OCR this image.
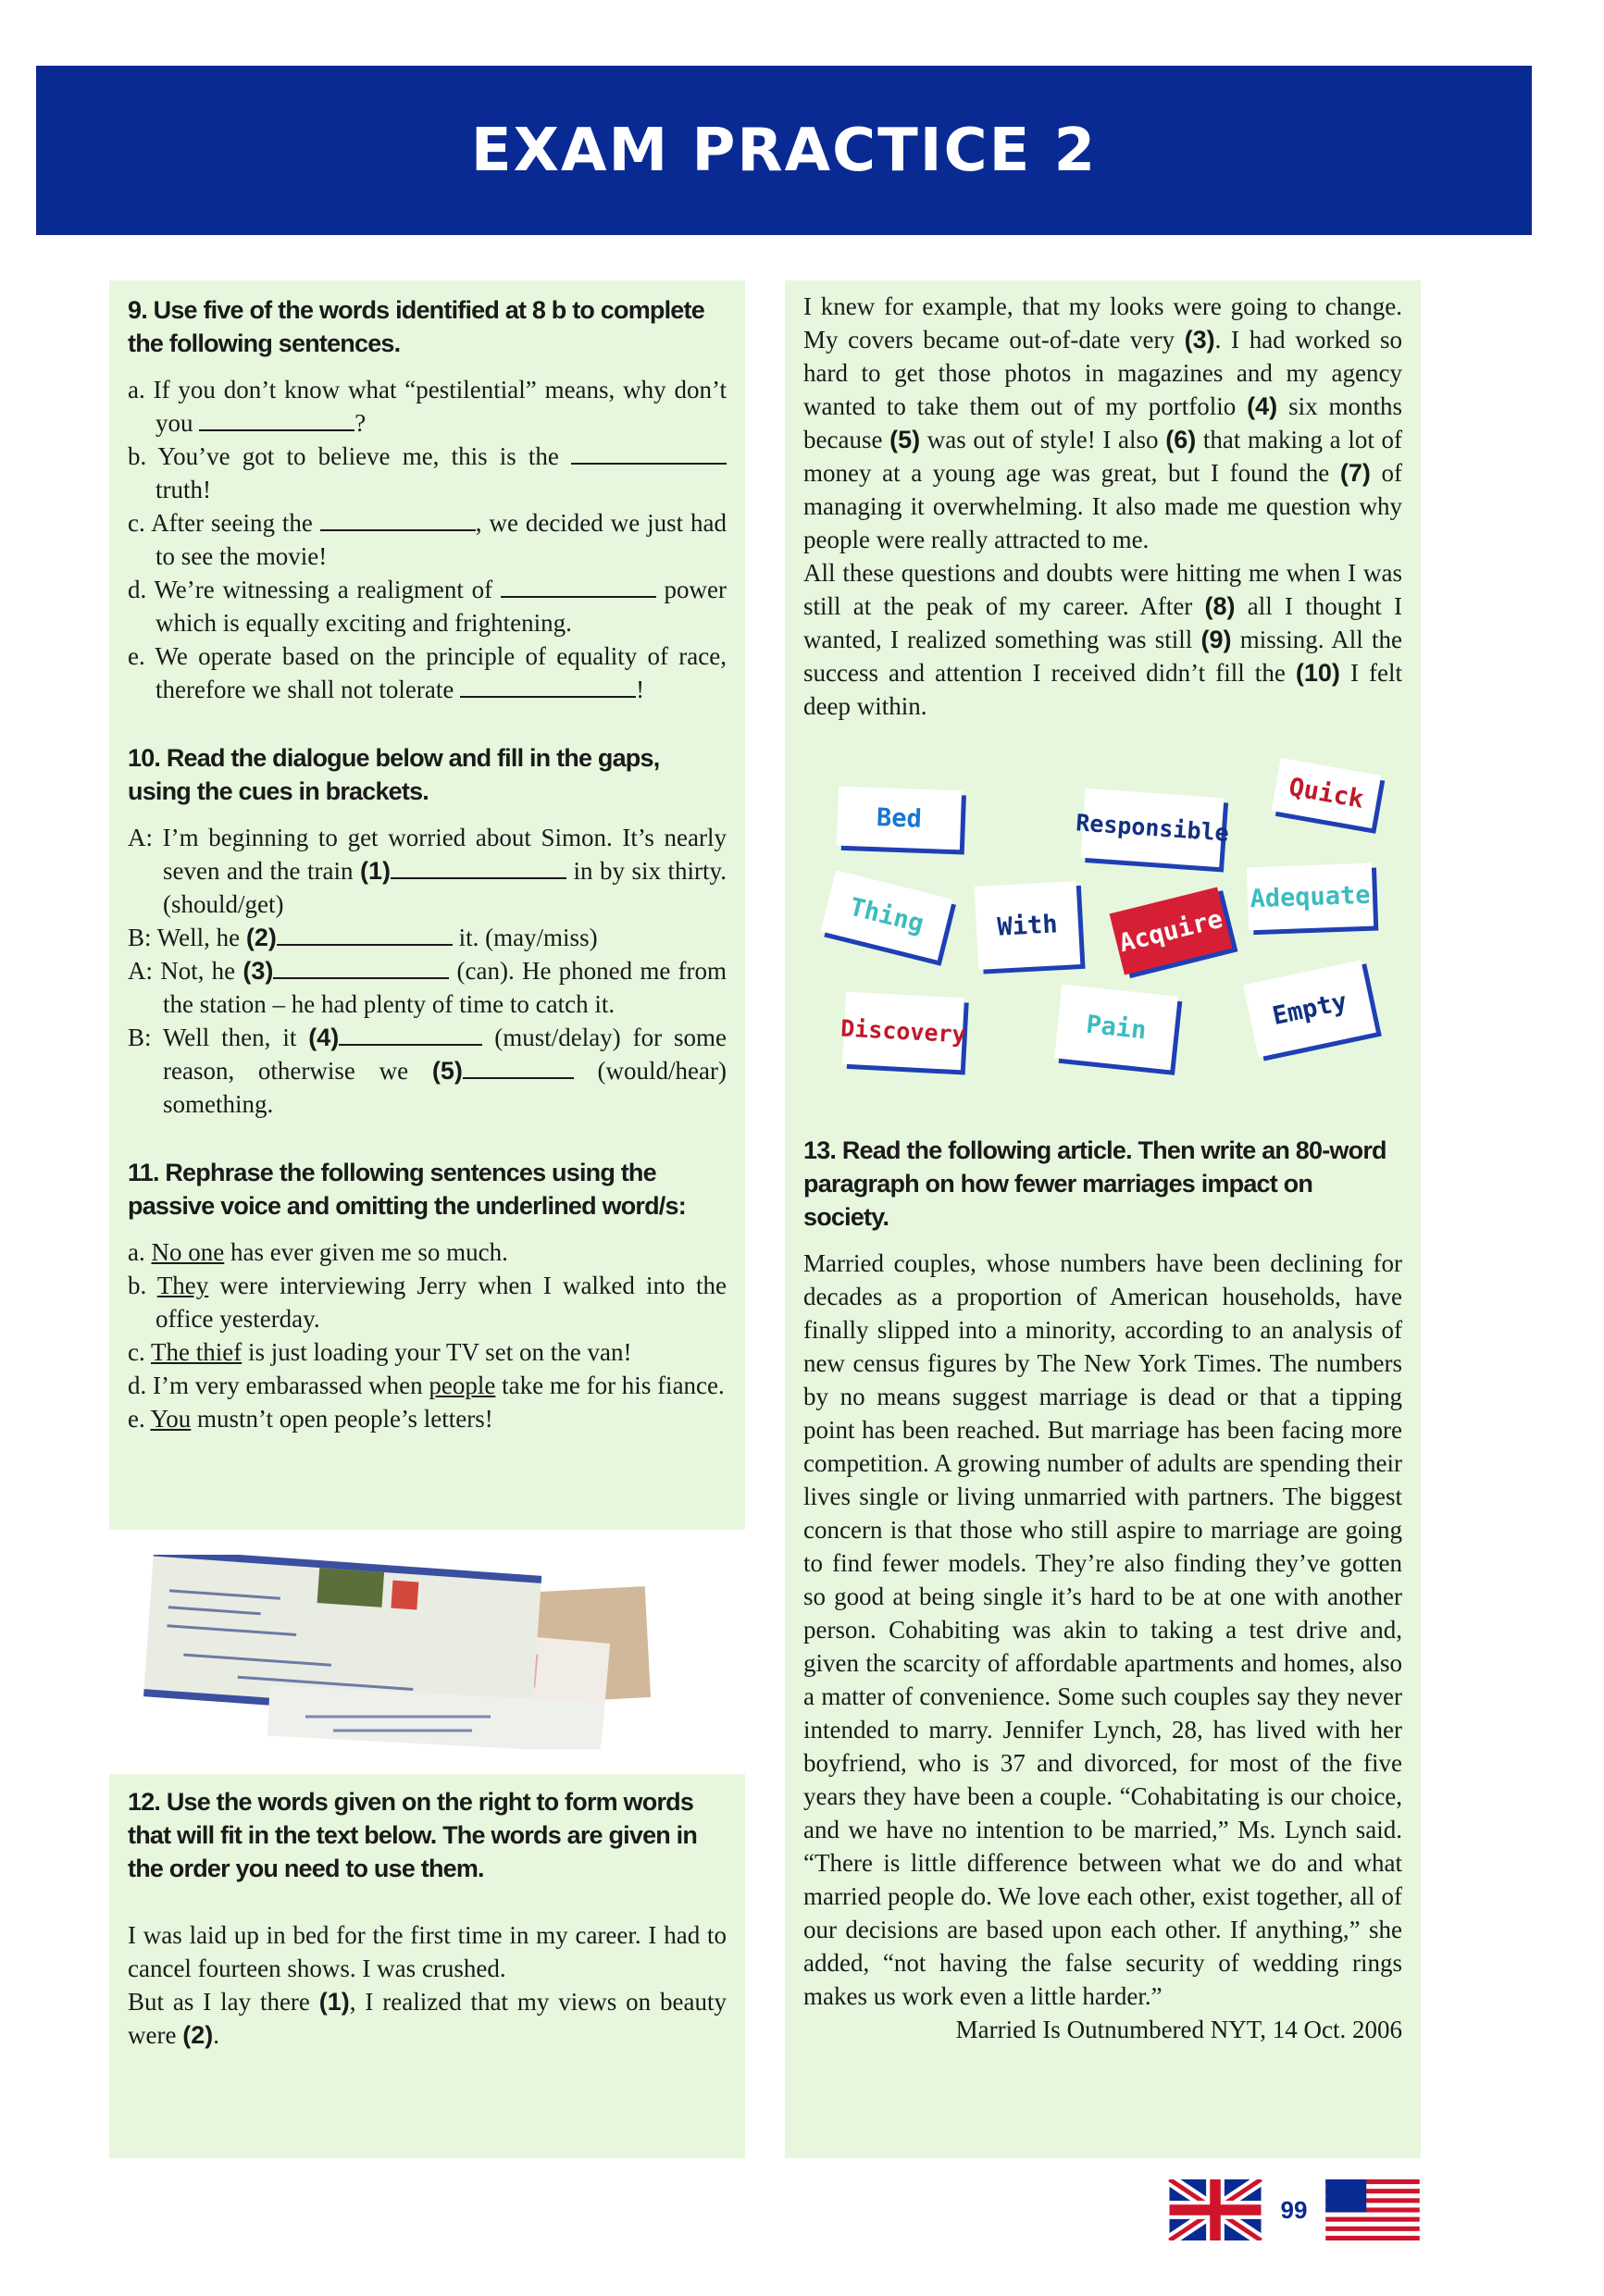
EXAM PRACTICE 2
9. Use five of the words identified at 8 b to complete the following sentences.
a. If you don’t know what “pestilential” means, why don’t you	?
b. You’ve got to believe me, this is the  truth!
c. After seeing the	, we decided we just had to see the movie!
d. We’re witnessing a realigment of	power which is equally exciting and frightening.
e. We operate based on the principle of equality of race, therefore we shall not tolerate	!
10. Read the dialogue below and fill in the gaps, using the cues in brackets.
A: I’m beginning to get worried about Simon. It’s nearly seven and the train (1)	in by six thirty. (should/get)
B: Well, he (2)	it. (may/miss)
A: Not, he (3)	(can). He phoned me from the station – he had plenty of time to catch it.
B: Well then, it (4)	(must/delay) for some reason, otherwise we (5)	(would/hear) something.
11. Rephrase the following sentences using the passive voice and omitting the underlined word/s:
a. No one has ever given me so much.
b. They were interviewing Jerry when I walked into the office yesterday.
c. The thief is just loading your TV set on the van!
d. I’m very embarassed when people take me for his fiance.
e. You mustn’t open people’s letters!
12. Use the words given on the right to form words that will fit in the text below. The words are given in the order you need to use them.
I was laid up in bed for the first time in my career. I had to cancel fourteen shows. I was crushed.
But as I lay there (1), I realized that my views on beauty were (2).
I knew for example, that my looks were going to change. My covers became out-of-date very (3). I had worked so hard to get those photos in magazines and my agency wanted to take them out of my portfolio (4) six months because (5) was out of style! I also (6) that making a lot of money at a young age was great, but I found the (7) of managing it overwhelming. It also made me question why people were really attracted to me.
All these questions and doubts were hitting me when I was still at the peak of my career. After (8) all I thought I wanted, I realized something was still (9) missing. All the success and attention I received didn’t fill the (10) I felt deep within.
13. Read the following article. Then write an 80-word paragraph on how fewer marriages impact on society.
Married couples, whose numbers have been declining for decades as a proportion of American households, have finally slipped into a minority, according to an analysis of new census figures by The New York Times. The numbers by no means suggest marriage is dead or that a tipping point has been reached. But marriage has been facing more competition. A growing number of adults are spending their lives single or living unmarried with partners. The biggest concern is that those who still aspire to marriage are going to find fewer models. They’re also finding they’ve gotten so good at being single it’s hard to be at one with another person. Cohabiting was akin to taking a test drive and, given the scarcity of affordable apartments and homes, also a matter of convenience. Some such couples say they never intended to marry. Jennifer Lynch, 28, has lived with her boyfriend, who is 37 and divorced, for most of the five years they have been a couple. “Cohabitating is our choice, and we have no intention to be married,” Ms. Lynch said. “There is little difference between what we do and what married people do. We love each other, exist together, all of our decisions are based upon each other. If anything,” she added, “not having the false security of wedding rings makes us work even a little harder.”
Married Is Outnumbered NYT, 14 Oct. 2006
Bed	Responsible
Quick
Thing	With
Adequate
Acquire
Discovery	Pain	Empty
99
